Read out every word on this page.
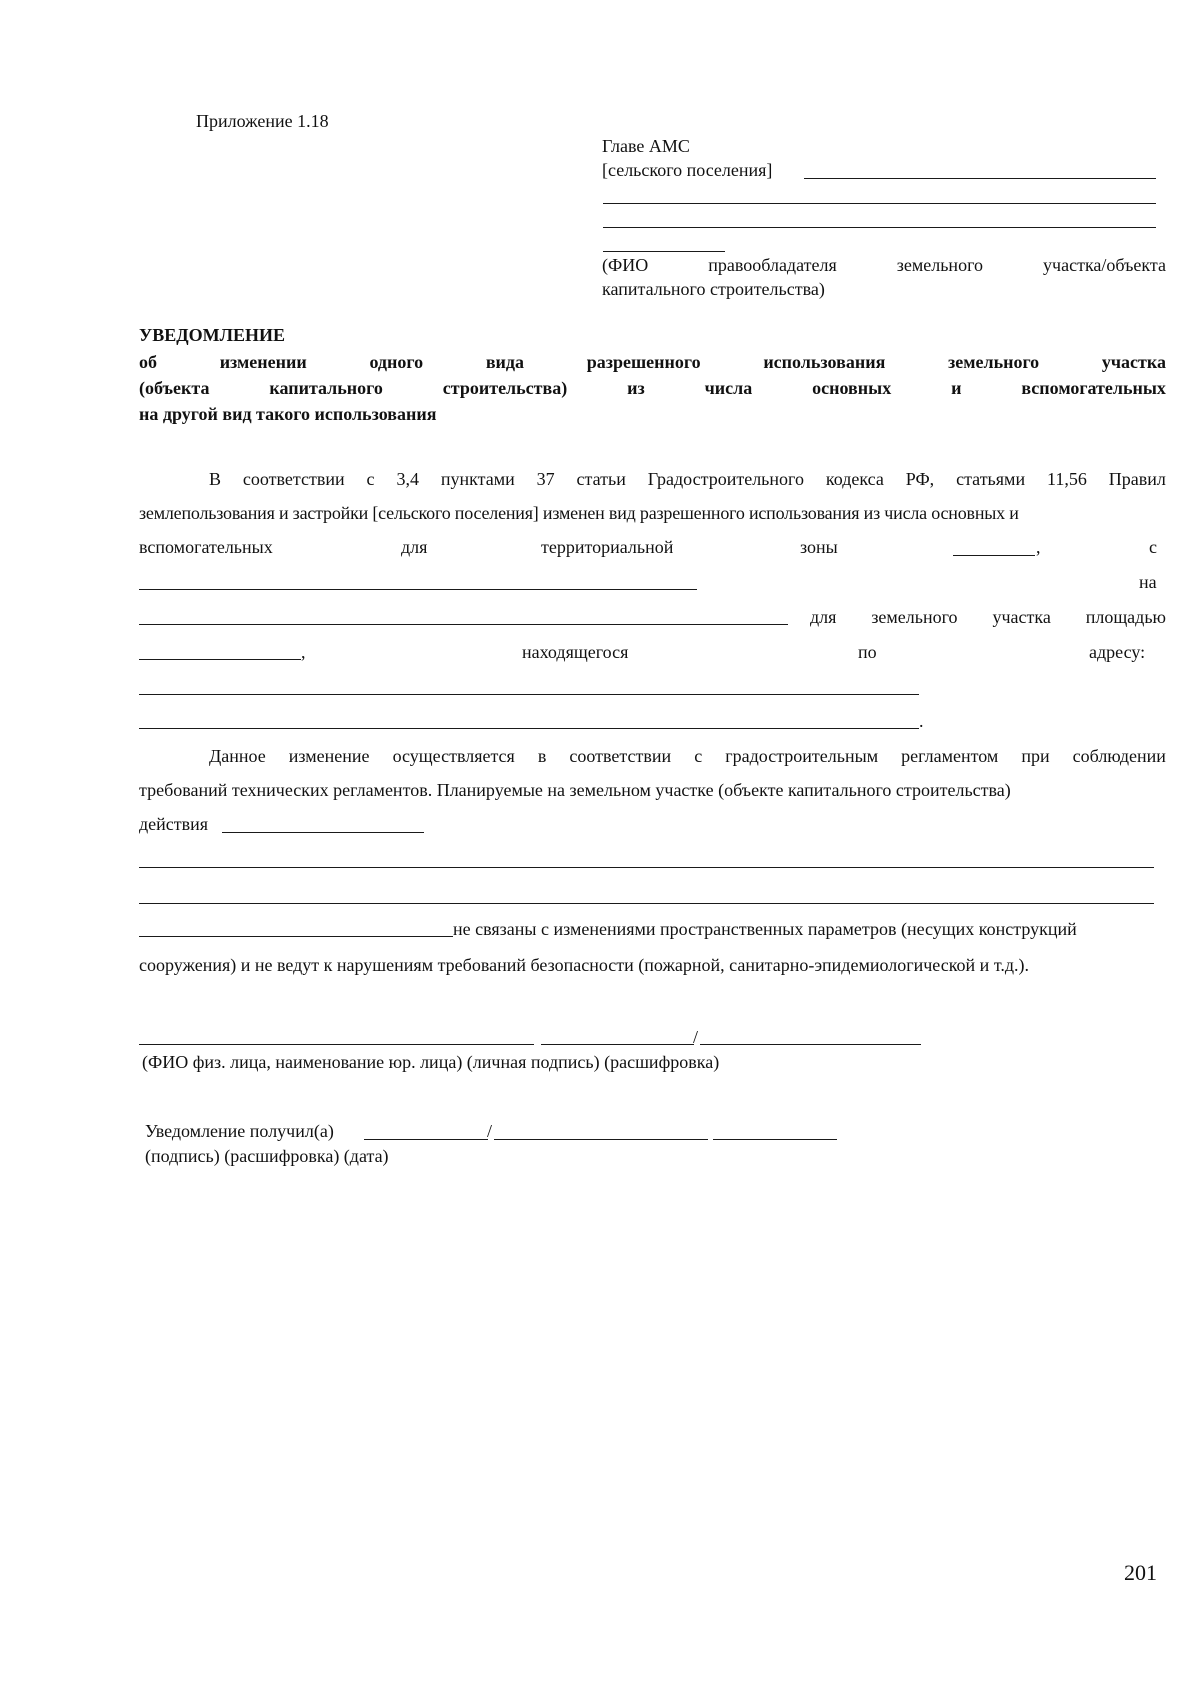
Приложение 1.18

Главе АМС

[сельского поселения]

(ФИО	правообладателя	земельного	участка/объекта

капитального строительства)

УВЕДОМЛЕНИЕ

об	изменении	одного	вида	разрешенного	использования	земельного	участка
(объекта	капитального	строительства)	из	числа	основных	и	вспомогательных

на другой вид такого использования

В соответствии с 3,4 пунктами 37 статьи Градостроительного кодекса РФ, статьями 11,56 Правил

землепользования и застройки [сельского поселения] изменен вид разрешенного использования из числа основных и

вспомогательных	для	территориальной	зоны	,	с

на

для земельного участка площадью

,	находящегося	по	адресу:

.

Данное изменение осуществляется в соответствии с градостроительным регламентом при соблюдении

требований технических регламентов. Планируемые на земельном участке (объекте капитального строительства)

действия

не связаны с изменениями пространственных параметров (несущих конструкций

сооружения) и не ведут к нарушениям требований безопасности (пожарной, санитарно-эпидемиологической и т.д.).

/

(ФИО физ. лица, наименование юр. лица) (личная подпись) (расшифровка)

Уведомление получил(а)	/

(подпись) (расшифровка) (дата)

201
